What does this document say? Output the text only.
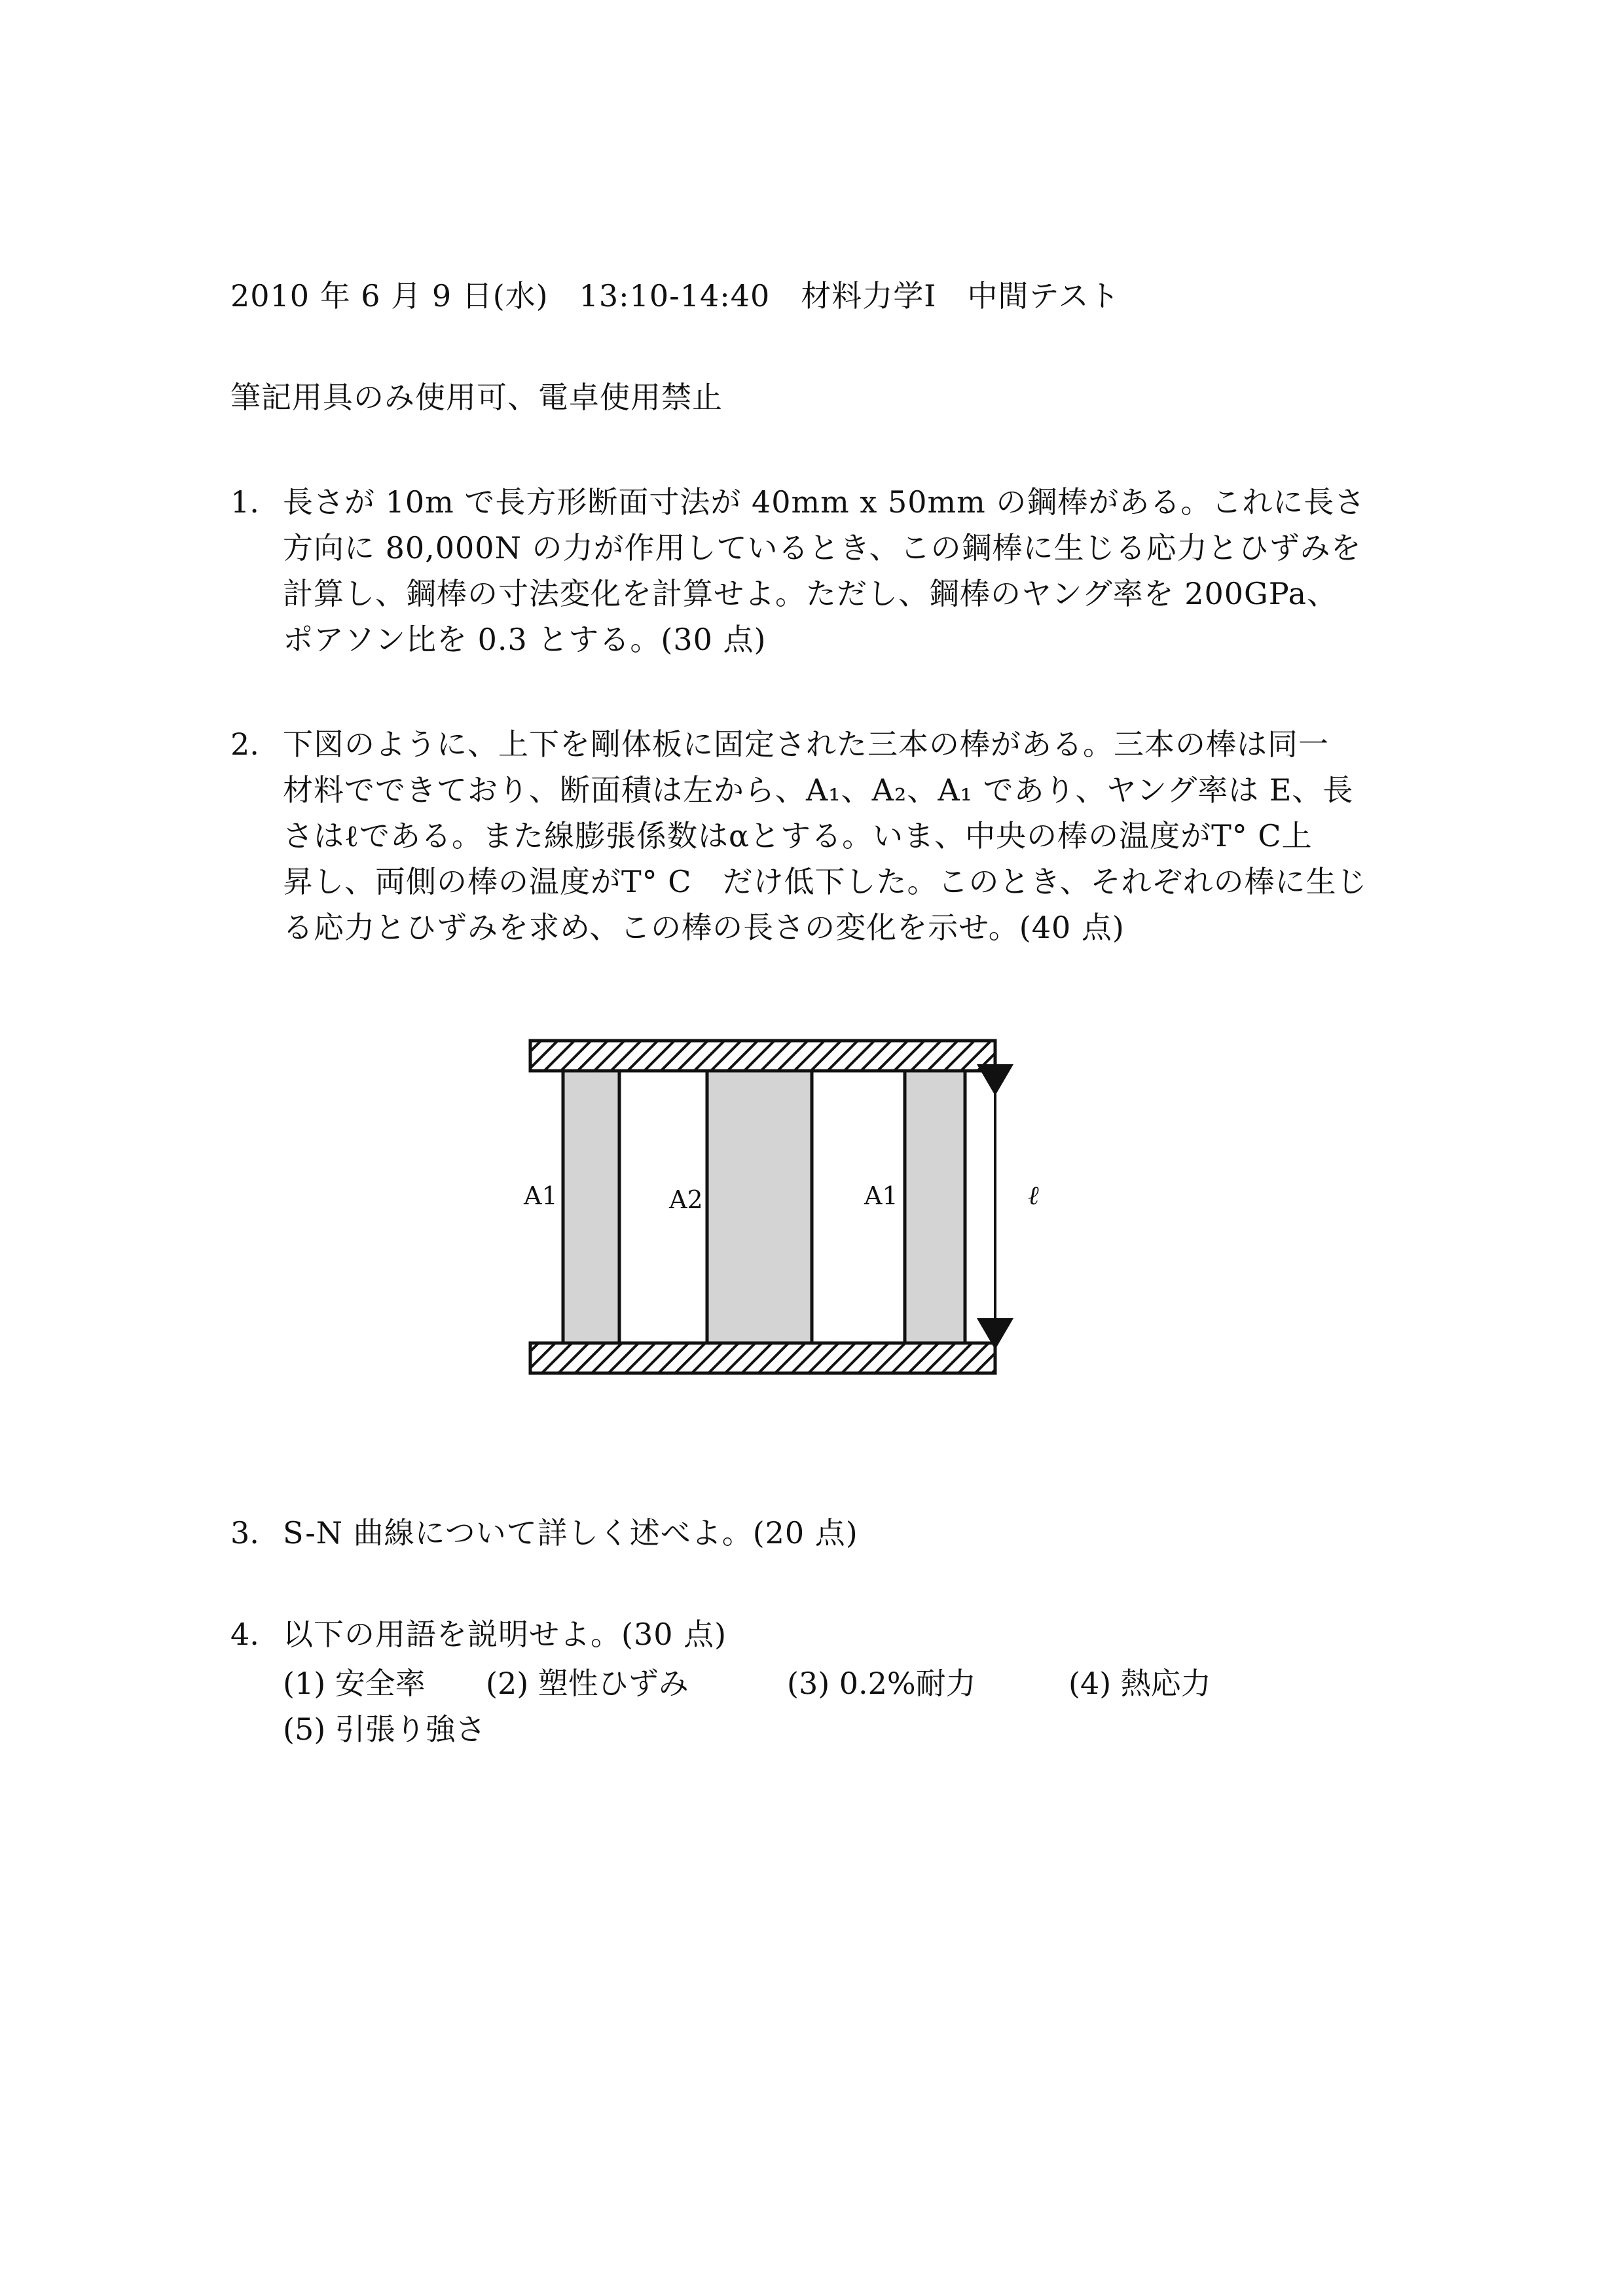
2010 年 6 月 9 日(水)　13:10-14:40　材料力学Ⅰ　中間テスト
筆記用具のみ使用可、電卓使用禁止
1. 長さが 10m で長方形断面寸法が 40mm x 50mm の鋼棒がある。これに長さ
方向に 80,000N の力が作用しているとき、この鋼棒に生じる応力とひずみを
計算し、鋼棒の寸法変化を計算せよ。ただし、鋼棒のヤング率を 200GPa、
ポアソン比を 0.3 とする。(30 点)
2. 下図のように、上下を剛体板に固定された三本の棒がある。三本の棒は同一
材料でできており、断面積は左から、A₁、A₂、A₁ であり、ヤング率は E、長
さはℓである。また線膨張係数はαとする。いま、中央の棒の温度がT° C上
昇し、両側の棒の温度がT° C　だけ低下した。このとき、それぞれの棒に生じ
る応力とひずみを求め、この棒の長さの変化を示せ。(40 点)
A1	A2	A1	ℓ
3. S-N 曲線について詳しく述べよ。(20 点)
4. 以下の用語を説明せよ。(30 点)
(1) 安全率 (2) 塑性ひずみ	(3) 0.2%耐力	(4) 熱応力
(5) 引張り強さ
